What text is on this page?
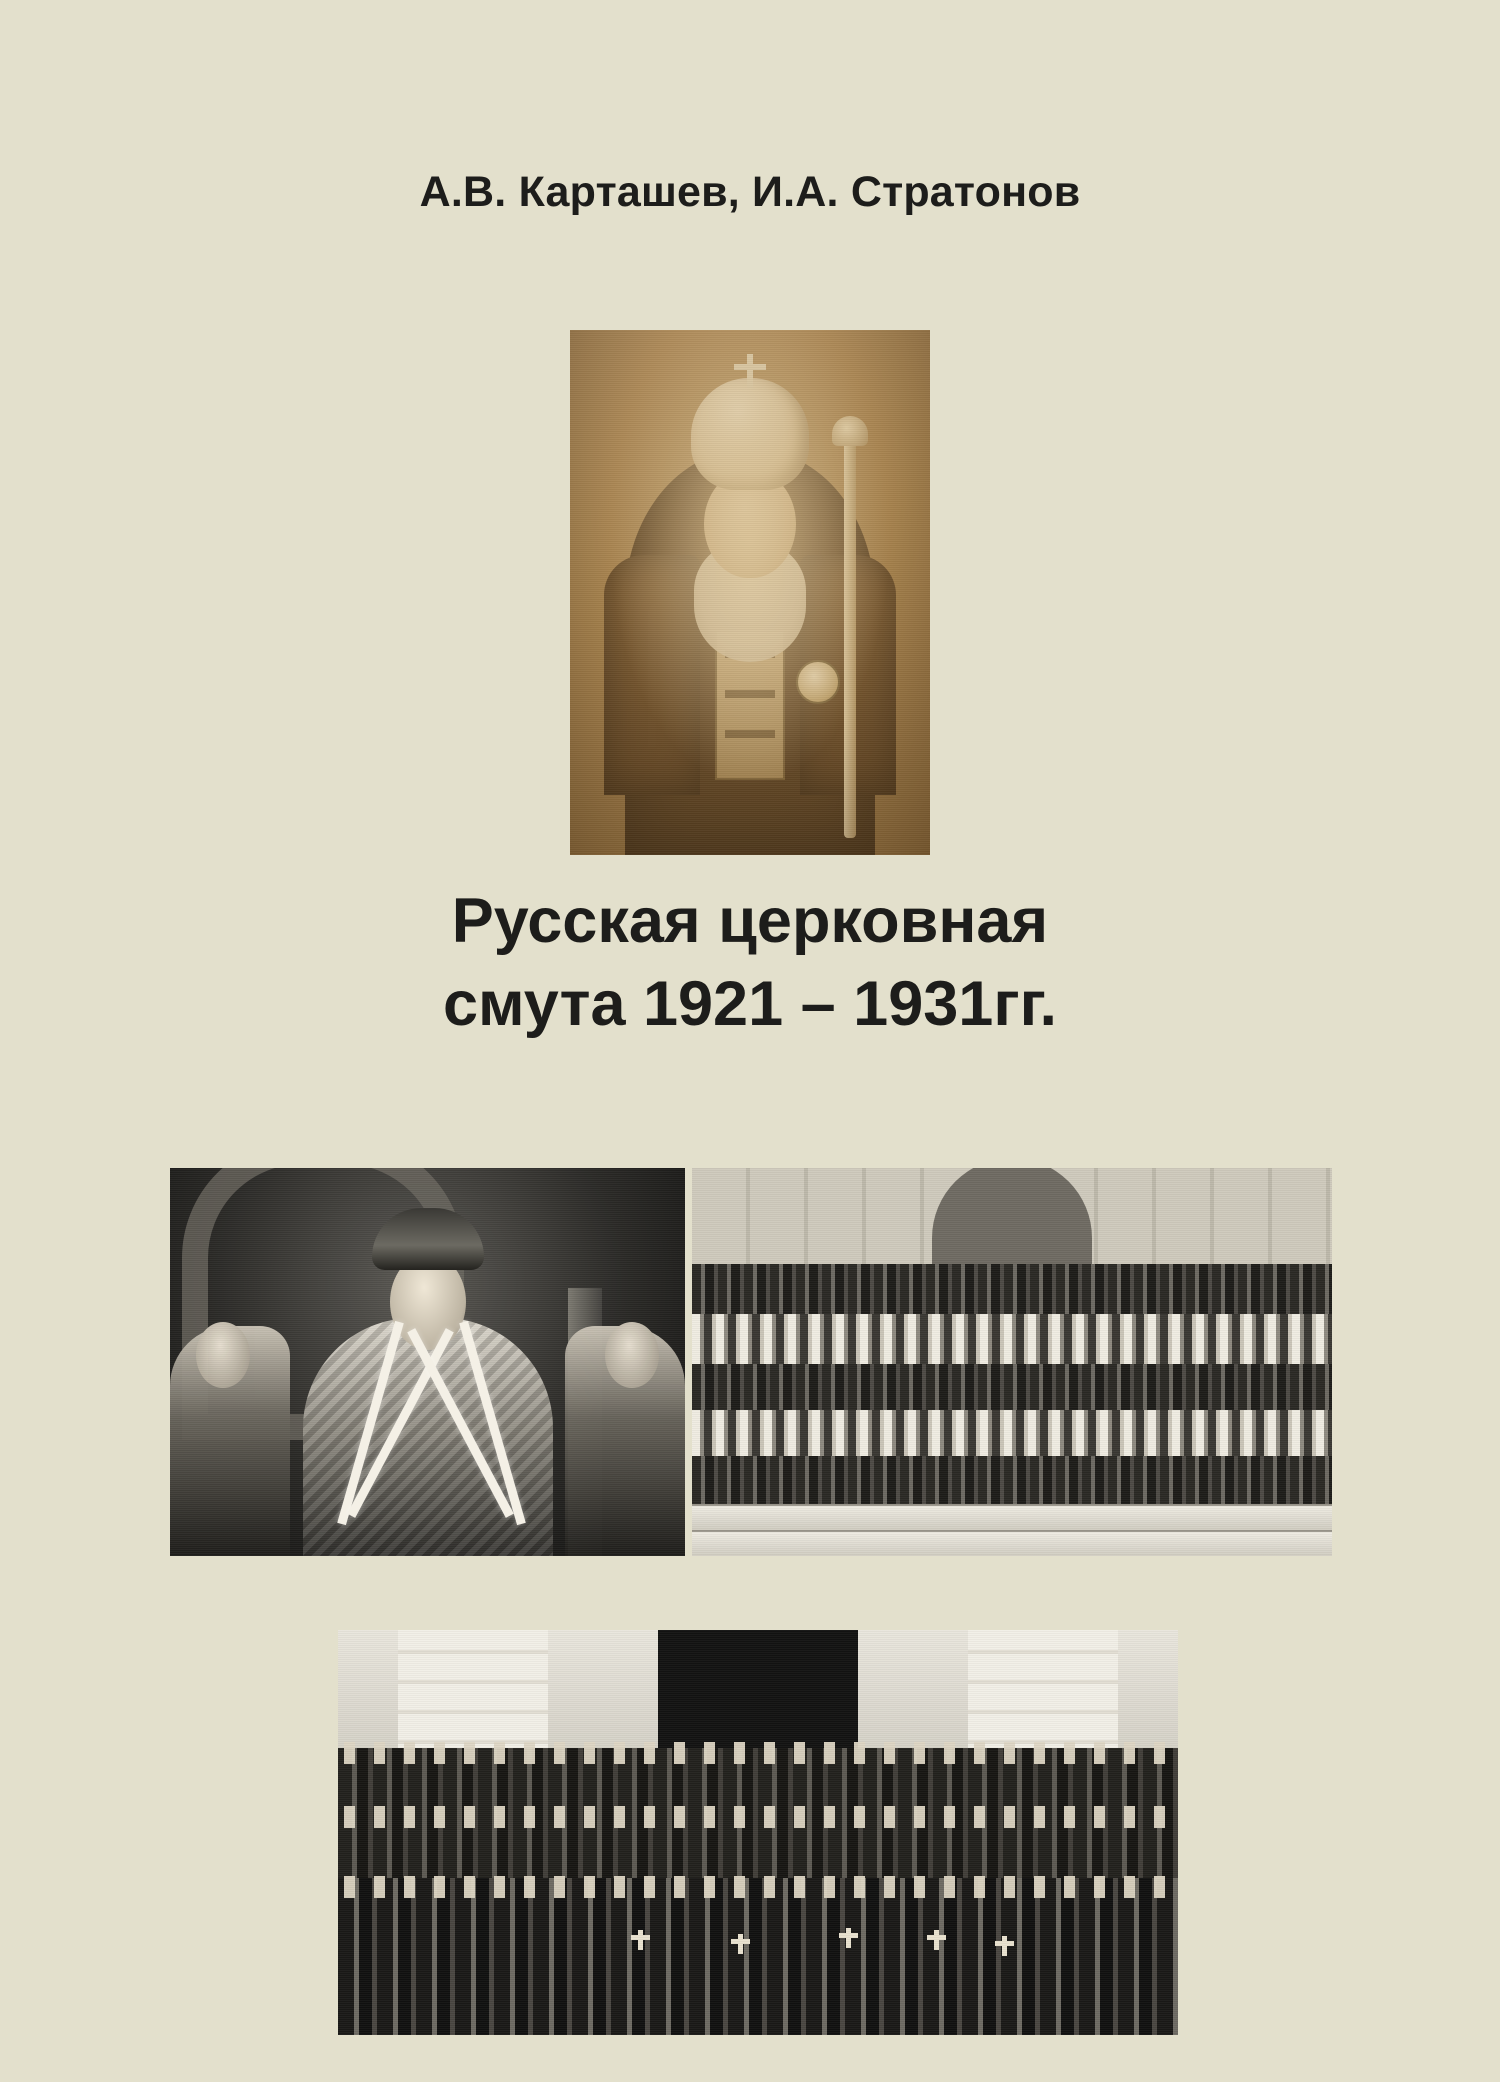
А.В. Карташев, И.А. Стратонов
Русская церковная
смута 1921 – 1931гг.
